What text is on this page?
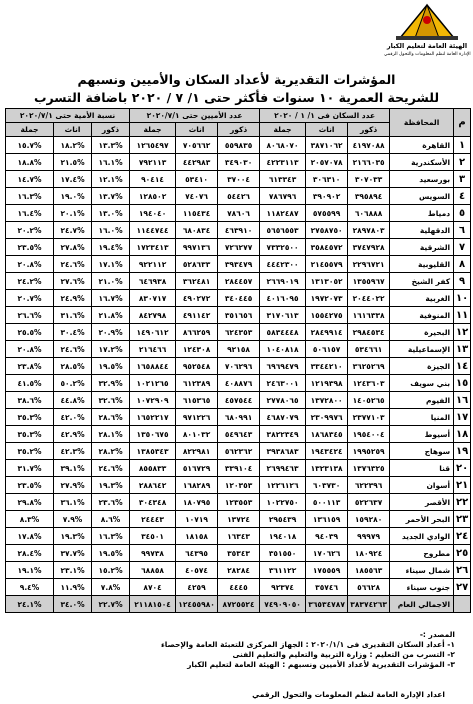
الهيئة العامة لتعليم الكبار
الإدارة العامة لنظم المعلومات والتحول الرقمي
المؤشرات التقديرية لأعداد السكان والأميين ونسبهم
للشريحة العمرية ١٠ سنوات فأكثر حتى ١/ ٧ / ٢٠٢٠ باضافة التسرب
م	المحافظة	عدد السكان فى ١/ ١ / ٢٠٢٠			عدد الأميين حتى ٢٠٢٠/٧/١			نسبة الأمية حتى ٢٠٢٠/٧/١		
		ذكور	اناث	جملة	ذكور	اناث	جملة	ذكور	اناث	جملة
١	القاهرة	٤١٩٧٠٨٨	٣٨٧١٠٦٢	٨٠٦٨٠٧٠	٥٥٩٨٣٥	٧٠٥٦٦٢	١٢٦٥٤٩٧	%١٣.٣	%١٨.٢	%١٥.٧
٢	الأسكندرية	٢١٦٦٠٣٥	٢٠٥٧٠٧٨	٤٢٢٣١١٣	٣٤٩٠٣٠	٤٤٢٩٨٣	٧٩٢١١٣	%١٦.١	%٢١.٥	%١٨.٨
٣	بورسعيد	٣٠٧٠٣٣	٣٠٦٣١٠	٦١٣٣٤٣	٣٧٠٠٤	٥٣٤١٠	٩٠٤١٤	%١٢.١	%١٧.٤	%١٤.٧
٤	السويس	٣٩٥٨٩٤	٣٩٠٩٠٢	٧٨٦٧٩٦	٥٤٤٢٦	٧٤٠٧٦	١٢٨٥٠٢	%١٣.٧	%١٩.٠	%١٦.٣
٥	دمياط	٦٠٦٨٨٨	٥٧٥٥٩٩	١١٨٢٤٨٧	٧٨٦٠٦	١١٥٤٣٤	١٩٤٠٤٠	%١٣.٠	%٢٠.١	%١٦.٤
٦	الدقهلية	٢٨٩٧٨٠٣	٢٧٥٨٧٥٠	٥٦٥٦٥٥٣	٤٦٣٩١٠	٦٨٠٨٣٤	١١٤٤٧٤٤	%١٦.٠	%٢٤.٧	%٢٠.٢
٧	الشرقية	٣٧٤٧٩٢٨	٣٥٨٤٥٧٢	٧٣٣٢٥٠٠	٧٢٦٢٧٧	٩٩٧١٣٦	١٧٢٣٤١٣	%١٩.٤	%٢٧.٨	%٢٣.٥
٨	القليوبية	٢٢٩٦٧٢١	٢١٤٥٥٧٩	٤٤٤٢٣٠٠	٣٩٣٤٧٩	٥٢٨٦٣٣	٩٢٢١١٢	%١٧.١	%٢٤.٦	%٢٠.٨
٩	كفر الشيخ	١٣٥٥٩٦٧	١٣١٣٠٥٢	٢٦٦٩٠١٩	٢٨٤٤٥٧	٣٦٢٤٨١	٦٤٦٩٣٨	%٢١.٠	%٢٧.٦	%٢٤.٢
١٠	الغربية	٢٠٤٤٠٢٢	١٩٧٢٠٧٣	٤٠١٦٠٩٥	٣٤٠٤٤٥	٤٩٠٢٧٢	٨٣٠٧١٧	%١٦.٧	%٢٤.٩	%٢٠.٧
١١	المنوفية	١٦١٦٣٣٨	١٥٥٤٢٧٥	٣١٧٠٦١٣	٣٥١٦٥٦	٤٩١١٤٢	٨٤٢٧٩٨	%٢١.٨	%٣١.٦	%٢٦.٦
١٢	البحيرة	٢٩٨٤٥٣٤	٢٨٤٩٩١٤	٥٨٣٤٤٤٨	٦٢٤٣٥٣	٨٦٦٢٥٩	١٤٩٠٦١٢	%٢٠.٩	%٣٠.٤	%٢٥.٥
١٣	الإسماعيلية	٥٣٤٦٦١	٥٠٦١٥٧	١٠٤٠٨١٨	٩٢١٥٨	١٢٤٣٠٨	٢١٦٤٦٦	%١٧.٢	%٢٤.٦	%٢٠.٨
١٤	الجيزة	٣٦٢٥٢٦٩	٣٣٤٤٢١٠	٦٩٦٩٤٧٩	٧٠٦٢٩٦	٩٥٢٥٤٨	١٦٥٨٨٤٤	%١٩.٥	%٢٨.٥	%٢٣.٨
١٥	بني سويف	١٢٤٣٦٠٣	١٢١٩٣٩٨	٢٤٦٣٠٠١	٤٠٨٨٧٦	٦١٢٣٨٩	١٠٢١٢٦٥	%٣٢.٩	%٥٠.٢	%٤١.٥
١٦	الفيوم	١٤٠٥٢٦٥	١٣٧٢٨٠٠	٢٧٧٨٠٦٥	٤٥٧٥٤٤	٦١٥٣٦٥	١٠٧٢٩٠٩	%٣٢.٦	%٤٤.٨	%٣٨.٦
١٧	المنيا	٢٣٧٧١٠٣	٢٣٠٩٩٧٦	٤٦٨٧٠٧٩	٦٨٠٩٩١	٩٧١٢٢٦	١٦٥٢٢١٧	%٢٨.٦	%٤٢.٠	%٣٥.٣
١٨	أسيوط	١٩٥٤٠٠٤	١٨٦٨٣٤٥	٣٨٢٢٣٤٩	٥٤٩٦٤٣	٨٠١٠٣٢	١٣٥٠٦٧٥	%٢٨.١	%٤٢.٩	%٣٥.٣
١٩	سوهاج	١٩٩٥٢٥٩	١٩٤٣٤٢٤	٣٩٣٨٦٨٣	٥٦٢٣٦٢	٨٢٢٩٨١	١٣٨٥٣٤٣	%٢٨.٢	%٤٢.٣	%٣٥.٢
٢٠	قنا	١٣٧٦٣٢٥	١٣٢٣١٣٨	٢٦٩٩٤٦٣	٣٣٩١٠٤	٥١٦٧٢٩	٨٥٥٨٣٣	%٢٤.٦	%٣٩.١	%٣١.٧
٢١	أسوان	٦٢٢٣٩٦	٦٠٣٧٣٠	١٢٢٦١٢٦	١٢٠٣٥٣	١٦٨٢٨٩	٢٨٨٦٤٢	%١٩.٣	%٢٧.٩	%٢٣.٥
٢٢	الأقصر	٥٢٢٦٣٧	٥٠٠١١٣	١٠٢٢٧٥٠	١٢٣٥٥٣	١٨٠٧٩٥	٣٠٤٣٤٨	%٢٣.٦	%٣٦.١	%٢٩.٨
٢٣	البحر الأحمر	١٥٩٢٨٠	١٣٦١٥٩	٢٩٥٤٣٩	١٣٧٢٤	١٠٧١٩	٢٤٤٤٣	%٨.٦	%٧.٩	%٨.٣
٢٤	الوادي الجديد	٩٩٩٧٩	٩٤٠٣٩	١٩٤٠١٨	١٦٣٤٣	١٨١٥٨	٣٤٥٠١	%١٦.٣	%١٩.٣	%١٧.٨
٢٥	مطروح	١٨٠٩٢٤	١٧٠٦٢٦	٣٥١٥٥٠	٣٥٣٤٣	٦٤٣٩٥	٩٩٧٣٨	%١٩.٥	%٣٧.٧	%٢٨.٤
٢٦	شمال سيناء	١٨٥٥٦٣	١٧٥٥٥٩	٣٦١١٢٢	٢٨٢٨٤	٤٠٥٧٤	٦٨٨٥٨	%١٥.٢	%٢٣.١	%١٩.١
٢٧	جنوب سيناء	٥٦٦٢٨	٣٥٧٤٦	٩٢٣٧٤	٤٤٤٥	٤٢٥٩	٨٧٠٤	%٧.٨	%١١.٩	%٩.٤
	الاجمالي العام	٣٨٣٧٤٢٦٣	٣٦٥٣٤٧٨٧	٧٤٩٠٩٠٥٠	٨٧٢٥٥٢٤	١٢٤٥٥٩٨٠	٢١١٨١٥٠٤	%٢٢.٧	%٣٤.٠	%٢٤.١
المصدر :-
١- أعداد السكان التقديرى فى ٢٠٢٠/١/١ : الجهاز المركزى للتعبئة العامة والإحصاء
٢- التسرب من التعليم : وزارة التربية والتعليم والتعليم الفنى
٣- المؤشرات التقديرية لأعداد الأميين ونسبهم : الهيئة العامة لتعليم الكبار
اعداد الإدارة العامة لنظم المعلومات والتحول الرقمي
